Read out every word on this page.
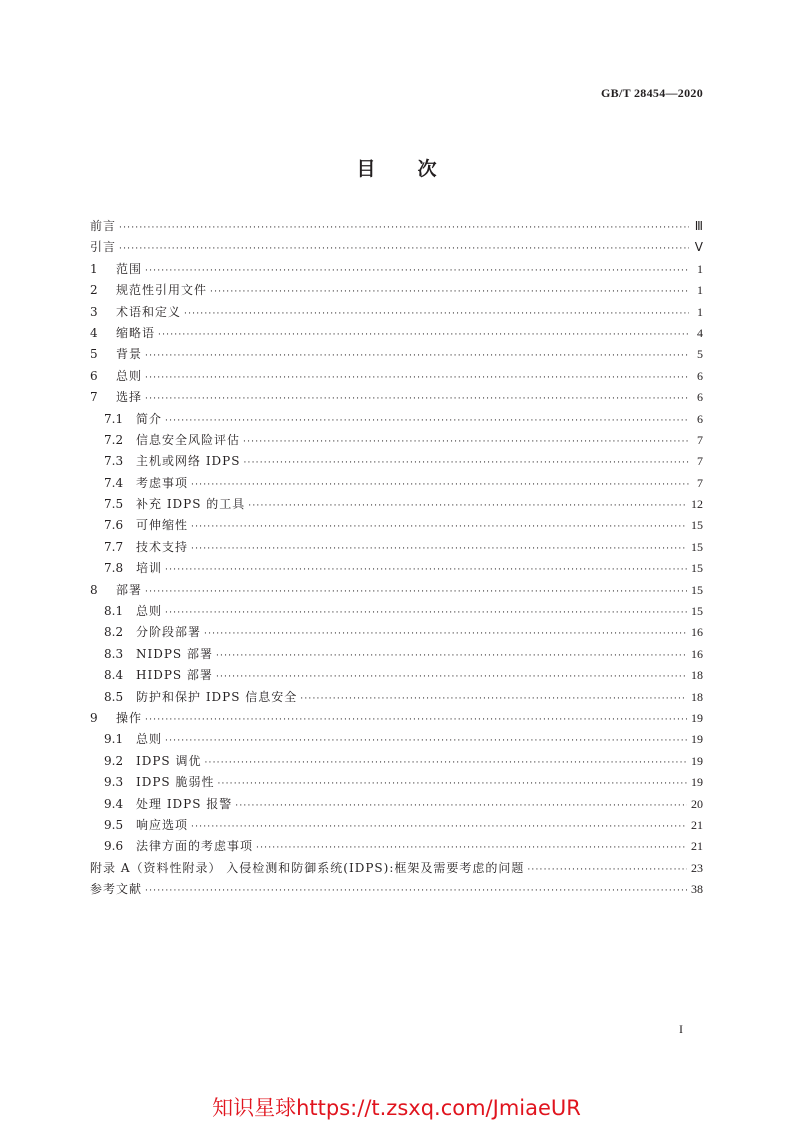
GB/T 28454—2020
目次
前言 ·····	Ⅲ
引言 ·····	Ⅴ
1	范围 ·····	1
2	规范性引用文件 ·····	1
3	术语和定义 ·····	1
4	缩略语 ·····	4
5	背景 ·····	5
6	总则 ·····	6
7	选择 ·····	6
7.1	简介 ·····	6
7.2	信息安全风险评估 ·····	7
7.3	主机或网络 IDPS ·····	7
7.4	考虑事项 ·····	7
7.5	补充 IDPS 的工具 ·····	12
7.6	可伸缩性 ·····	15
7.7	技术支持 ·····	15
7.8	培训 ·····	15
8	部署 ·····	15
8.1	总则 ·····	15
8.2	分阶段部署 ·····	16
8.3	NIDPS 部署 ·····	16
8.4	HIDPS 部署 ·····	18
8.5	防护和保护 IDPS 信息安全 ·····	18
9	操作 ·····	19
9.1	总则 ·····	19
9.2	IDPS 调优 ·····	19
9.3	IDPS 脆弱性 ·····	19
9.4	处理 IDPS 报警 ·····	20
9.5	响应选项 ·····	21
9.6	法律方面的考虑事项 ·····	21
附录 A（资料性附录） 入侵检测和防御系统(IDPS):框架及需要考虑的问题 ·····	23
参考文献 ·····	38
I
知识星球https://t.zsxq.com/JmiaeUR
